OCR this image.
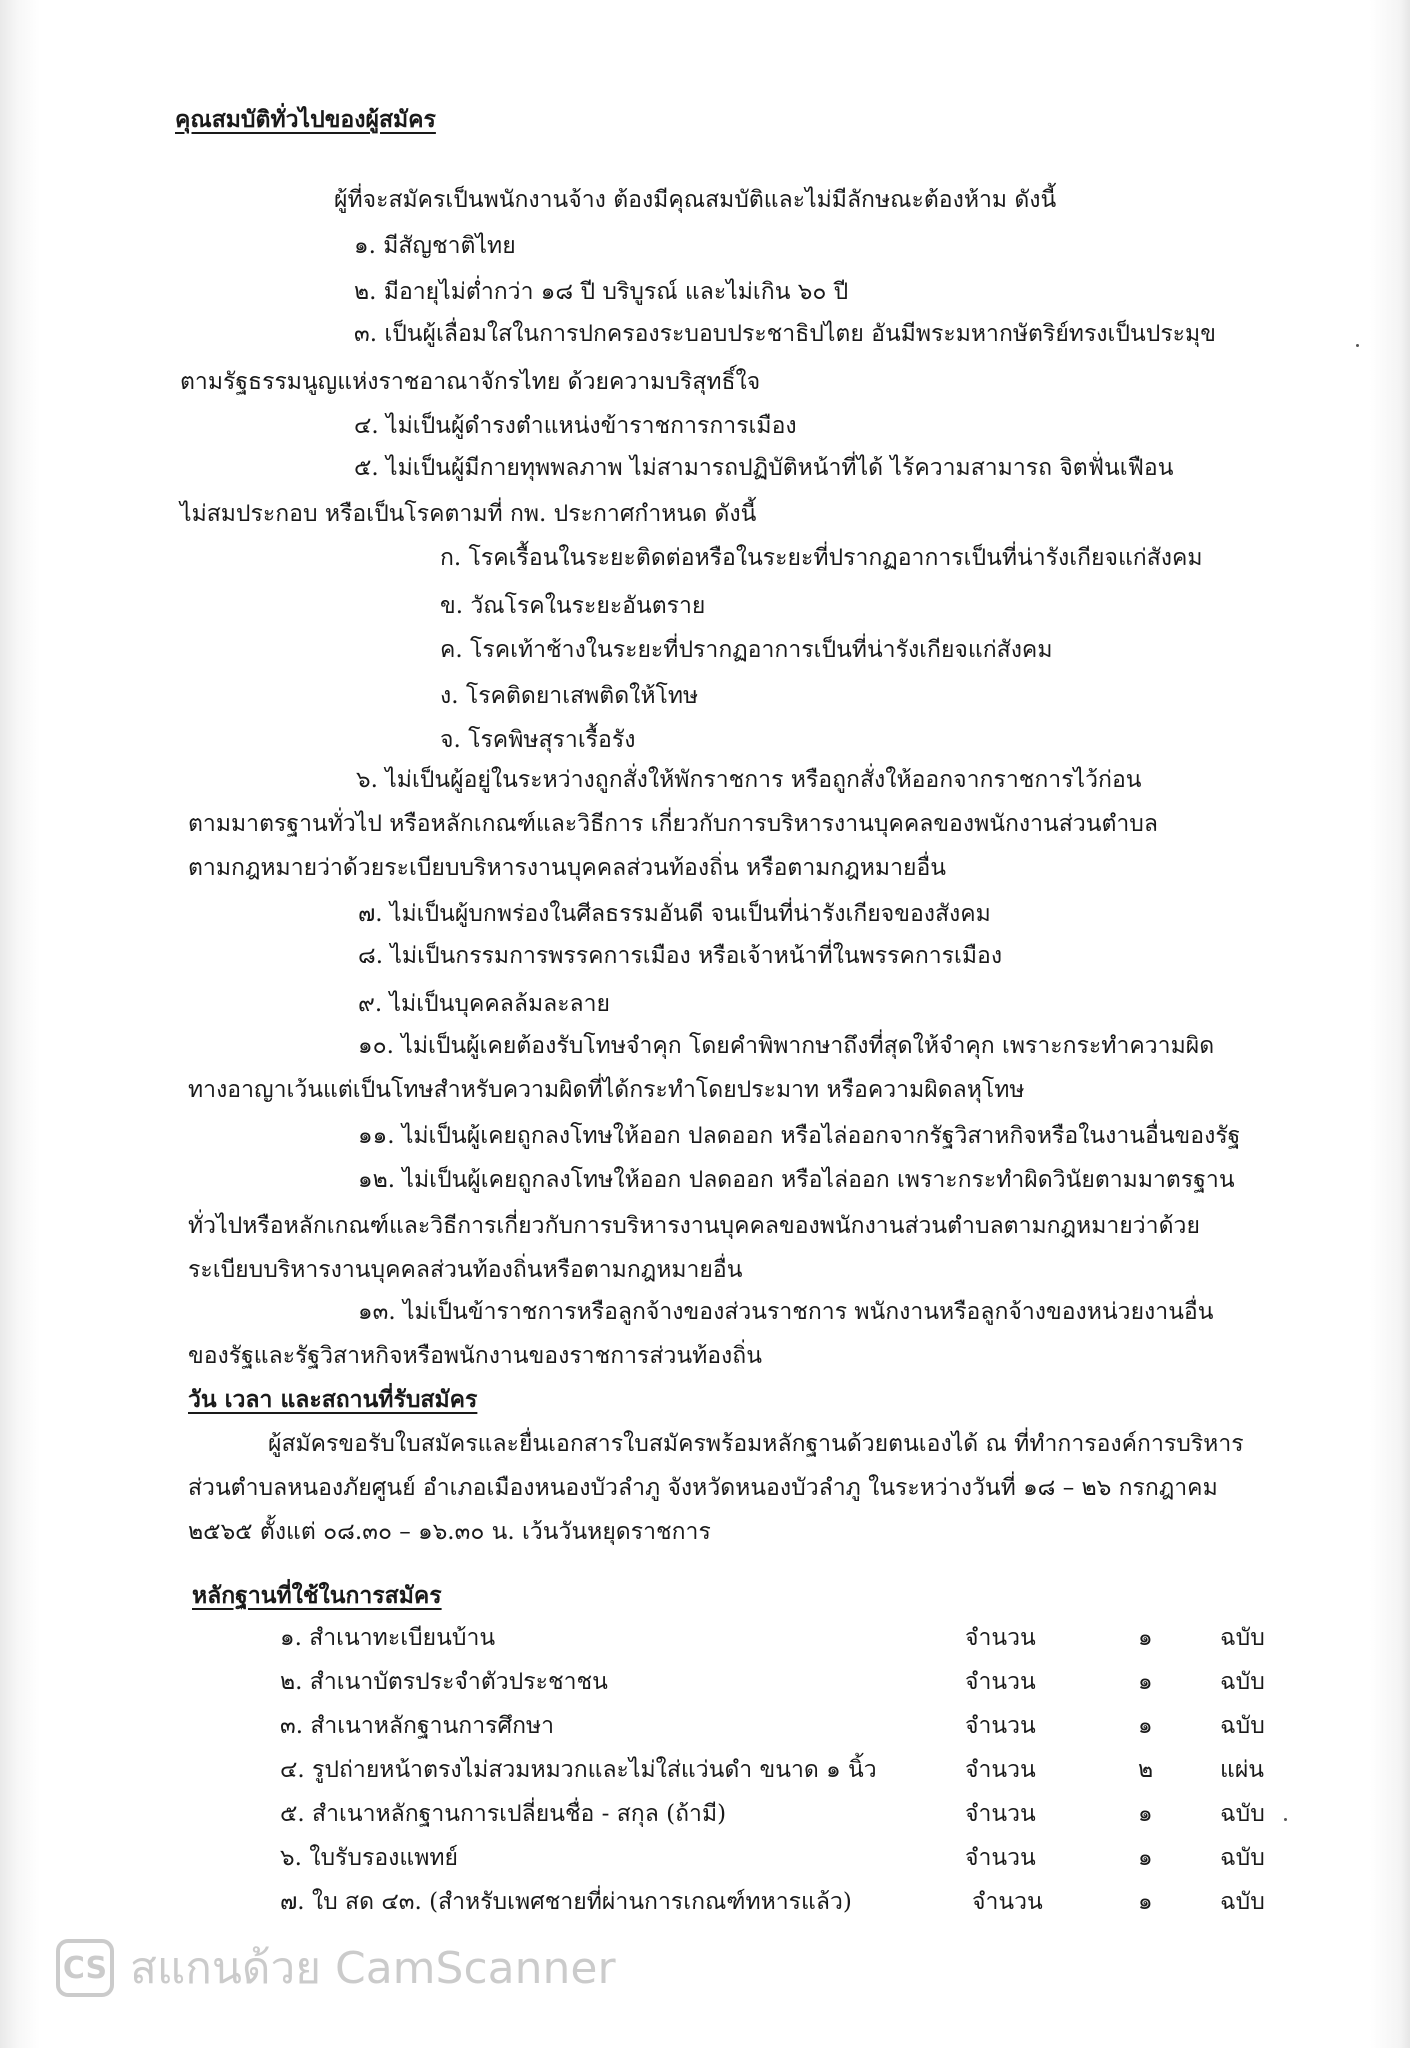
คุณสมบัติทั่วไปของผู้สมัคร
ผู้ที่จะสมัครเป็นพนักงานจ้าง ต้องมีคุณสมบัติและไม่มีลักษณะต้องห้าม ดังนี้
๑. มีสัญชาติไทย
๒. มีอายุไม่ต่ำกว่า ๑๘ ปี บริบูรณ์ และไม่เกิน ๖๐ ปี
๓. เป็นผู้เลื่อมใสในการปกครองระบอบประชาธิปไตย อันมีพระมหากษัตริย์ทรงเป็นประมุข
ตามรัฐธรรมนูญแห่งราชอาณาจักรไทย ด้วยความบริสุทธิ์ใจ
๔. ไม่เป็นผู้ดำรงตำแหน่งข้าราชการการเมือง
๕. ไม่เป็นผู้มีกายทุพพลภาพ ไม่สามารถปฏิบัติหน้าที่ได้ ไร้ความสามารถ จิตฟั่นเฟือน
ไม่สมประกอบ หรือเป็นโรคตามที่ กพ. ประกาศกำหนด ดังนี้
ก. โรคเรื้อนในระยะติดต่อหรือในระยะที่ปรากฏอาการเป็นที่น่ารังเกียจแก่สังคม
ข. วัณโรคในระยะอันตราย
ค. โรคเท้าช้างในระยะที่ปรากฏอาการเป็นที่น่ารังเกียจแก่สังคม
ง. โรคติดยาเสพติดให้โทษ
จ. โรคพิษสุราเรื้อรัง
๖. ไม่เป็นผู้อยู่ในระหว่างถูกสั่งให้พักราชการ หรือถูกสั่งให้ออกจากราชการไว้ก่อน
ตามมาตรฐานทั่วไป หรือหลักเกณฑ์และวิธีการ เกี่ยวกับการบริหารงานบุคคลของพนักงานส่วนตำบล
ตามกฎหมายว่าด้วยระเบียบบริหารงานบุคคลส่วนท้องถิ่น หรือตามกฎหมายอื่น
๗. ไม่เป็นผู้บกพร่องในศีลธรรมอันดี จนเป็นที่น่ารังเกียจของสังคม
๘. ไม่เป็นกรรมการพรรคการเมือง หรือเจ้าหน้าที่ในพรรคการเมือง
๙. ไม่เป็นบุคคลล้มละลาย
๑๐. ไม่เป็นผู้เคยต้องรับโทษจำคุก โดยคำพิพากษาถึงที่สุดให้จำคุก เพราะกระทำความผิด
ทางอาญาเว้นแต่เป็นโทษสำหรับความผิดที่ได้กระทำโดยประมาท หรือความผิดลหุโทษ
๑๑. ไม่เป็นผู้เคยถูกลงโทษให้ออก ปลดออก หรือไล่ออกจากรัฐวิสาหกิจหรือในงานอื่นของรัฐ
๑๒. ไม่เป็นผู้เคยถูกลงโทษให้ออก ปลดออก หรือไล่ออก เพราะกระทำผิดวินัยตามมาตรฐาน
ทั่วไปหรือหลักเกณฑ์และวิธีการเกี่ยวกับการบริหารงานบุคคลของพนักงานส่วนตำบลตามกฎหมายว่าด้วย
ระเบียบบริหารงานบุคคลส่วนท้องถิ่นหรือตามกฎหมายอื่น
๑๓. ไม่เป็นข้าราชการหรือลูกจ้างของส่วนราชการ พนักงานหรือลูกจ้างของหน่วยงานอื่น
ของรัฐและรัฐวิสาหกิจหรือพนักงานของราชการส่วนท้องถิ่น
วัน เวลา และสถานที่รับสมัคร
ผู้สมัครขอรับใบสมัครและยื่นเอกสารใบสมัครพร้อมหลักฐานด้วยตนเองได้ ณ ที่ทำการองค์การบริหาร
ส่วนตำบลหนองภัยศูนย์ อำเภอเมืองหนองบัวลำภู จังหวัดหนองบัวลำภู ในระหว่างวันที่ ๑๘ – ๒๖ กรกฎาคม
๒๕๖๕ ตั้งแต่ ๐๘.๓๐ – ๑๖.๓๐ น. เว้นวันหยุดราชการ
หลักฐานที่ใช้ในการสมัคร
๑. สำเนาทะเบียนบ้าน	จำนวน	๑	ฉบับ
๒. สำเนาบัตรประจำตัวประชาชน	จำนวน	๑	ฉบับ
๓. สำเนาหลักฐานการศึกษา	จำนวน	๑	ฉบับ
๔. รูปถ่ายหน้าตรงไม่สวมหมวกและไม่ใส่แว่นดำ ขนาด ๑ นิ้ว	จำนวน	๒	แผ่น
๕. สำเนาหลักฐานการเปลี่ยนชื่อ - สกุล (ถ้ามี)	จำนวน	๑	ฉบับ
๖. ใบรับรองแพทย์	จำนวน	๑	ฉบับ
๗. ใบ สด ๔๓. (สำหรับเพศชายที่ผ่านการเกณฑ์ทหารแล้ว)	จำนวน	๑	ฉบับ
CS สแกนด้วย CamScanner
